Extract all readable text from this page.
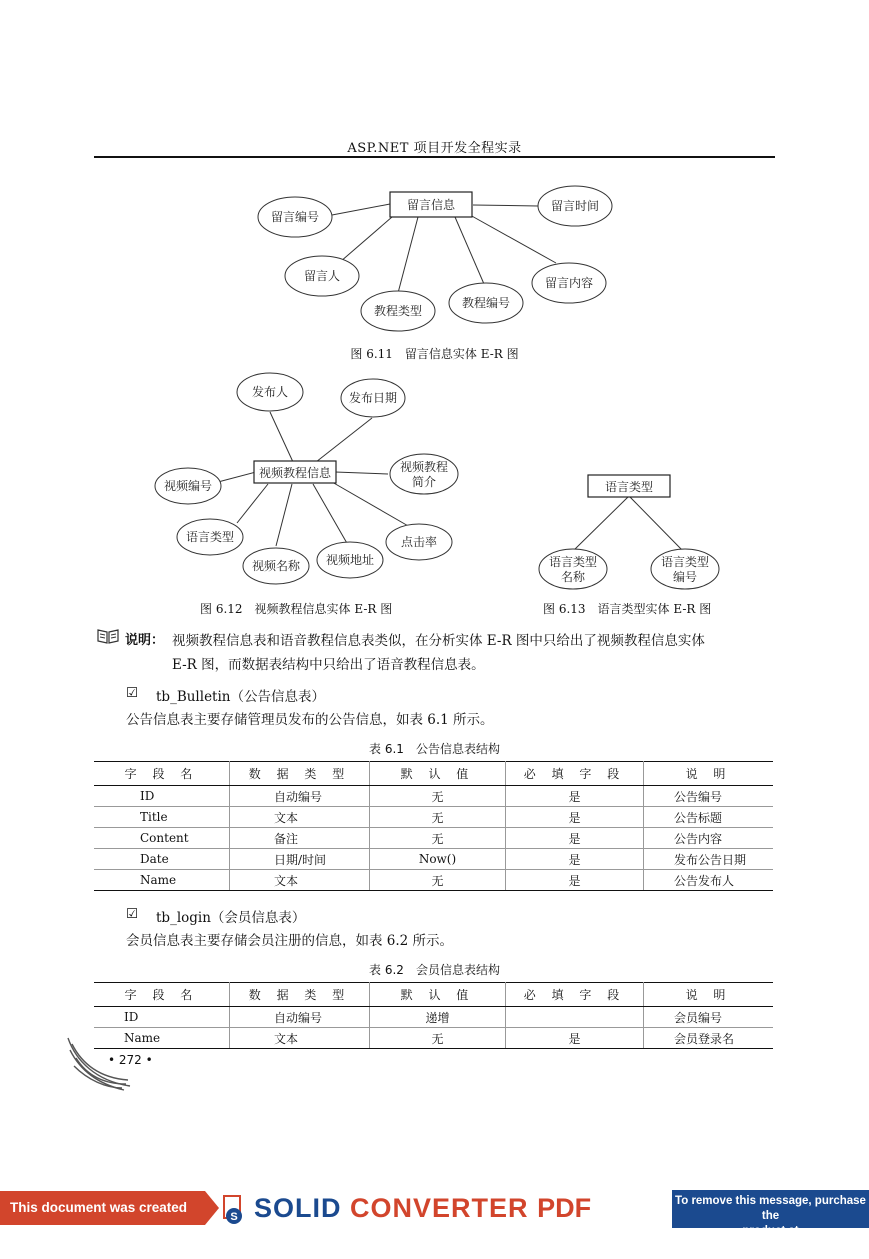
ASP.NET 项目开发全程实录
留言信息
留言编号
留言时间
留言人
教程类型
教程编号
留言内容
图 6.11　留言信息实体 E-R 图
视频教程信息
发布人	发布日期
视频编号
视频教程
简介
语言类型
视频名称 视频地址
点击率
语言类型
语言类型
名称
语言类型
编号
图 6.12　视频教程信息实体 E-R 图	图 6.13　语言类型实体 E-R 图
说明： 视频教程信息表和语音教程信息表类似，在分析实体 E-R 图中只给出了视频教程信息实体
E-R 图，而数据表结构中只给出了语音教程信息表。
☑ tb_Bulletin（公告信息表）
公告信息表主要存储管理员发布的公告信息，如表 6.1 所示。
表 6.1　公告信息表结构
字 段 名	数 据 类 型	默 认 值	必 填 字 段	说 明
ID	自动编号	无	是	公告编号
Title	文本	无	是	公告标题
Content	备注	无	是	公告内容
Date	日期/时间	Now()	是	发布公告日期
Name	文本	无	是	公告发布人
☑ tb_login（会员信息表）
会员信息表主要存储会员注册的信息，如表 6.2 所示。
表 6.2　会员信息表结构
字 段 名	数 据 类 型	默 认 值	必 填 字 段	说 明
ID	自动编号	递增		会员编号
Name	文本	无	是	会员登录名
• 272 •
This document was created using
S SOLID CONVERTER PDF	To remove this message, purchase the
product at www.SolidDocuments.com
